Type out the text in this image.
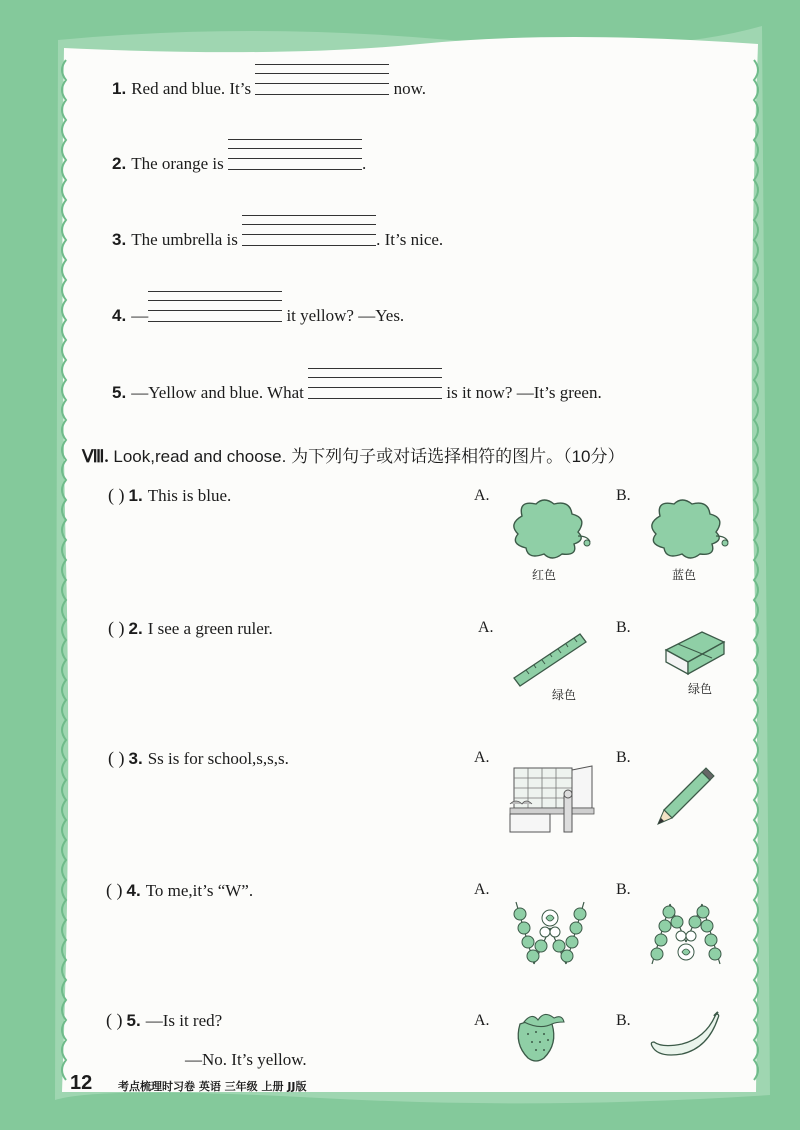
1. Red and blue. It’s	now.
2. The orange is	.
3. The umbrella is	. It’s nice.
4. —	it yellow? —Yes.
5. —Yellow and blue. What	is it now? —It’s green.
Ⅷ. Look,read and choose. 为下列句子或对话选择相符的图片。（10分）
( ) 1. This is blue.
( ) 2. I see a green ruler.
( ) 3. Ss is for school,s,s,s.
( ) 4. To me,it’s “W”.
( ) 5. —Is it red?
—No. It’s yellow.
A.	B.
A.	B.
A.	B.
A.	B.
A.	B.
红色	蓝色
绿色	绿色
12 考点梳理时习卷 英语 三年级 上册 JJ版
